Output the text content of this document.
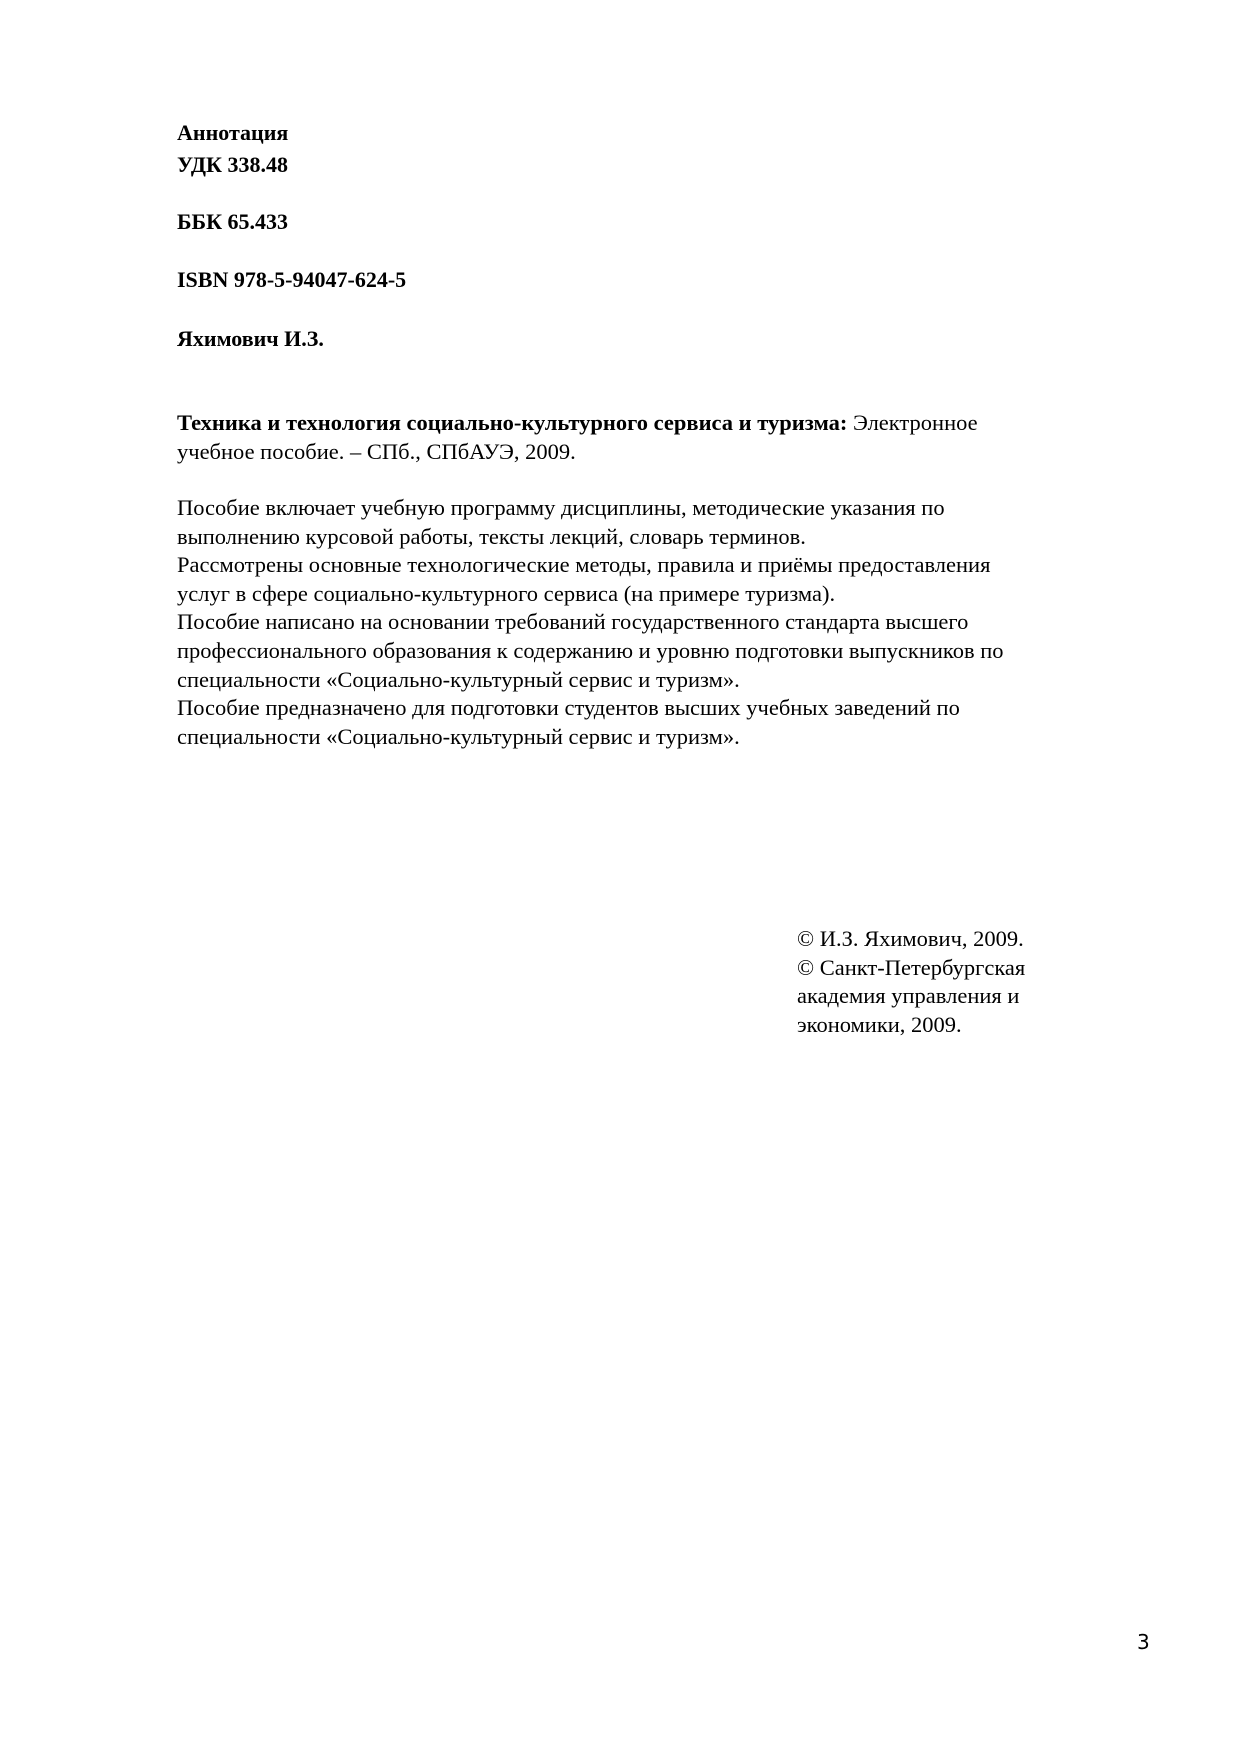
Аннотация
УДК 338.48
ББК 65.433
ISBN 978-5-94047-624-5
Яхимович И.З.
Техника и технология социально-культурного сервиса и туризма: Электронное
учебное пособие. – СПб., СПбАУЭ, 2009.
Пособие включает учебную программу дисциплины, методические указания по
выполнению курсовой работы, тексты лекций, словарь терминов.
Рассмотрены основные технологические методы, правила и приёмы предоставления
услуг в сфере социально-культурного сервиса (на примере туризма).
Пособие написано на основании требований государственного стандарта высшего
профессионального образования к содержанию и уровню подготовки выпускников по
специальности «Социально-культурный сервис и туризм».
Пособие предназначено для подготовки студентов высших учебных заведений по
специальности «Социально-культурный сервис и туризм».
© И.З. Яхимович, 2009.
© Санкт-Петербургская
академия управления и
экономики, 2009.
3
